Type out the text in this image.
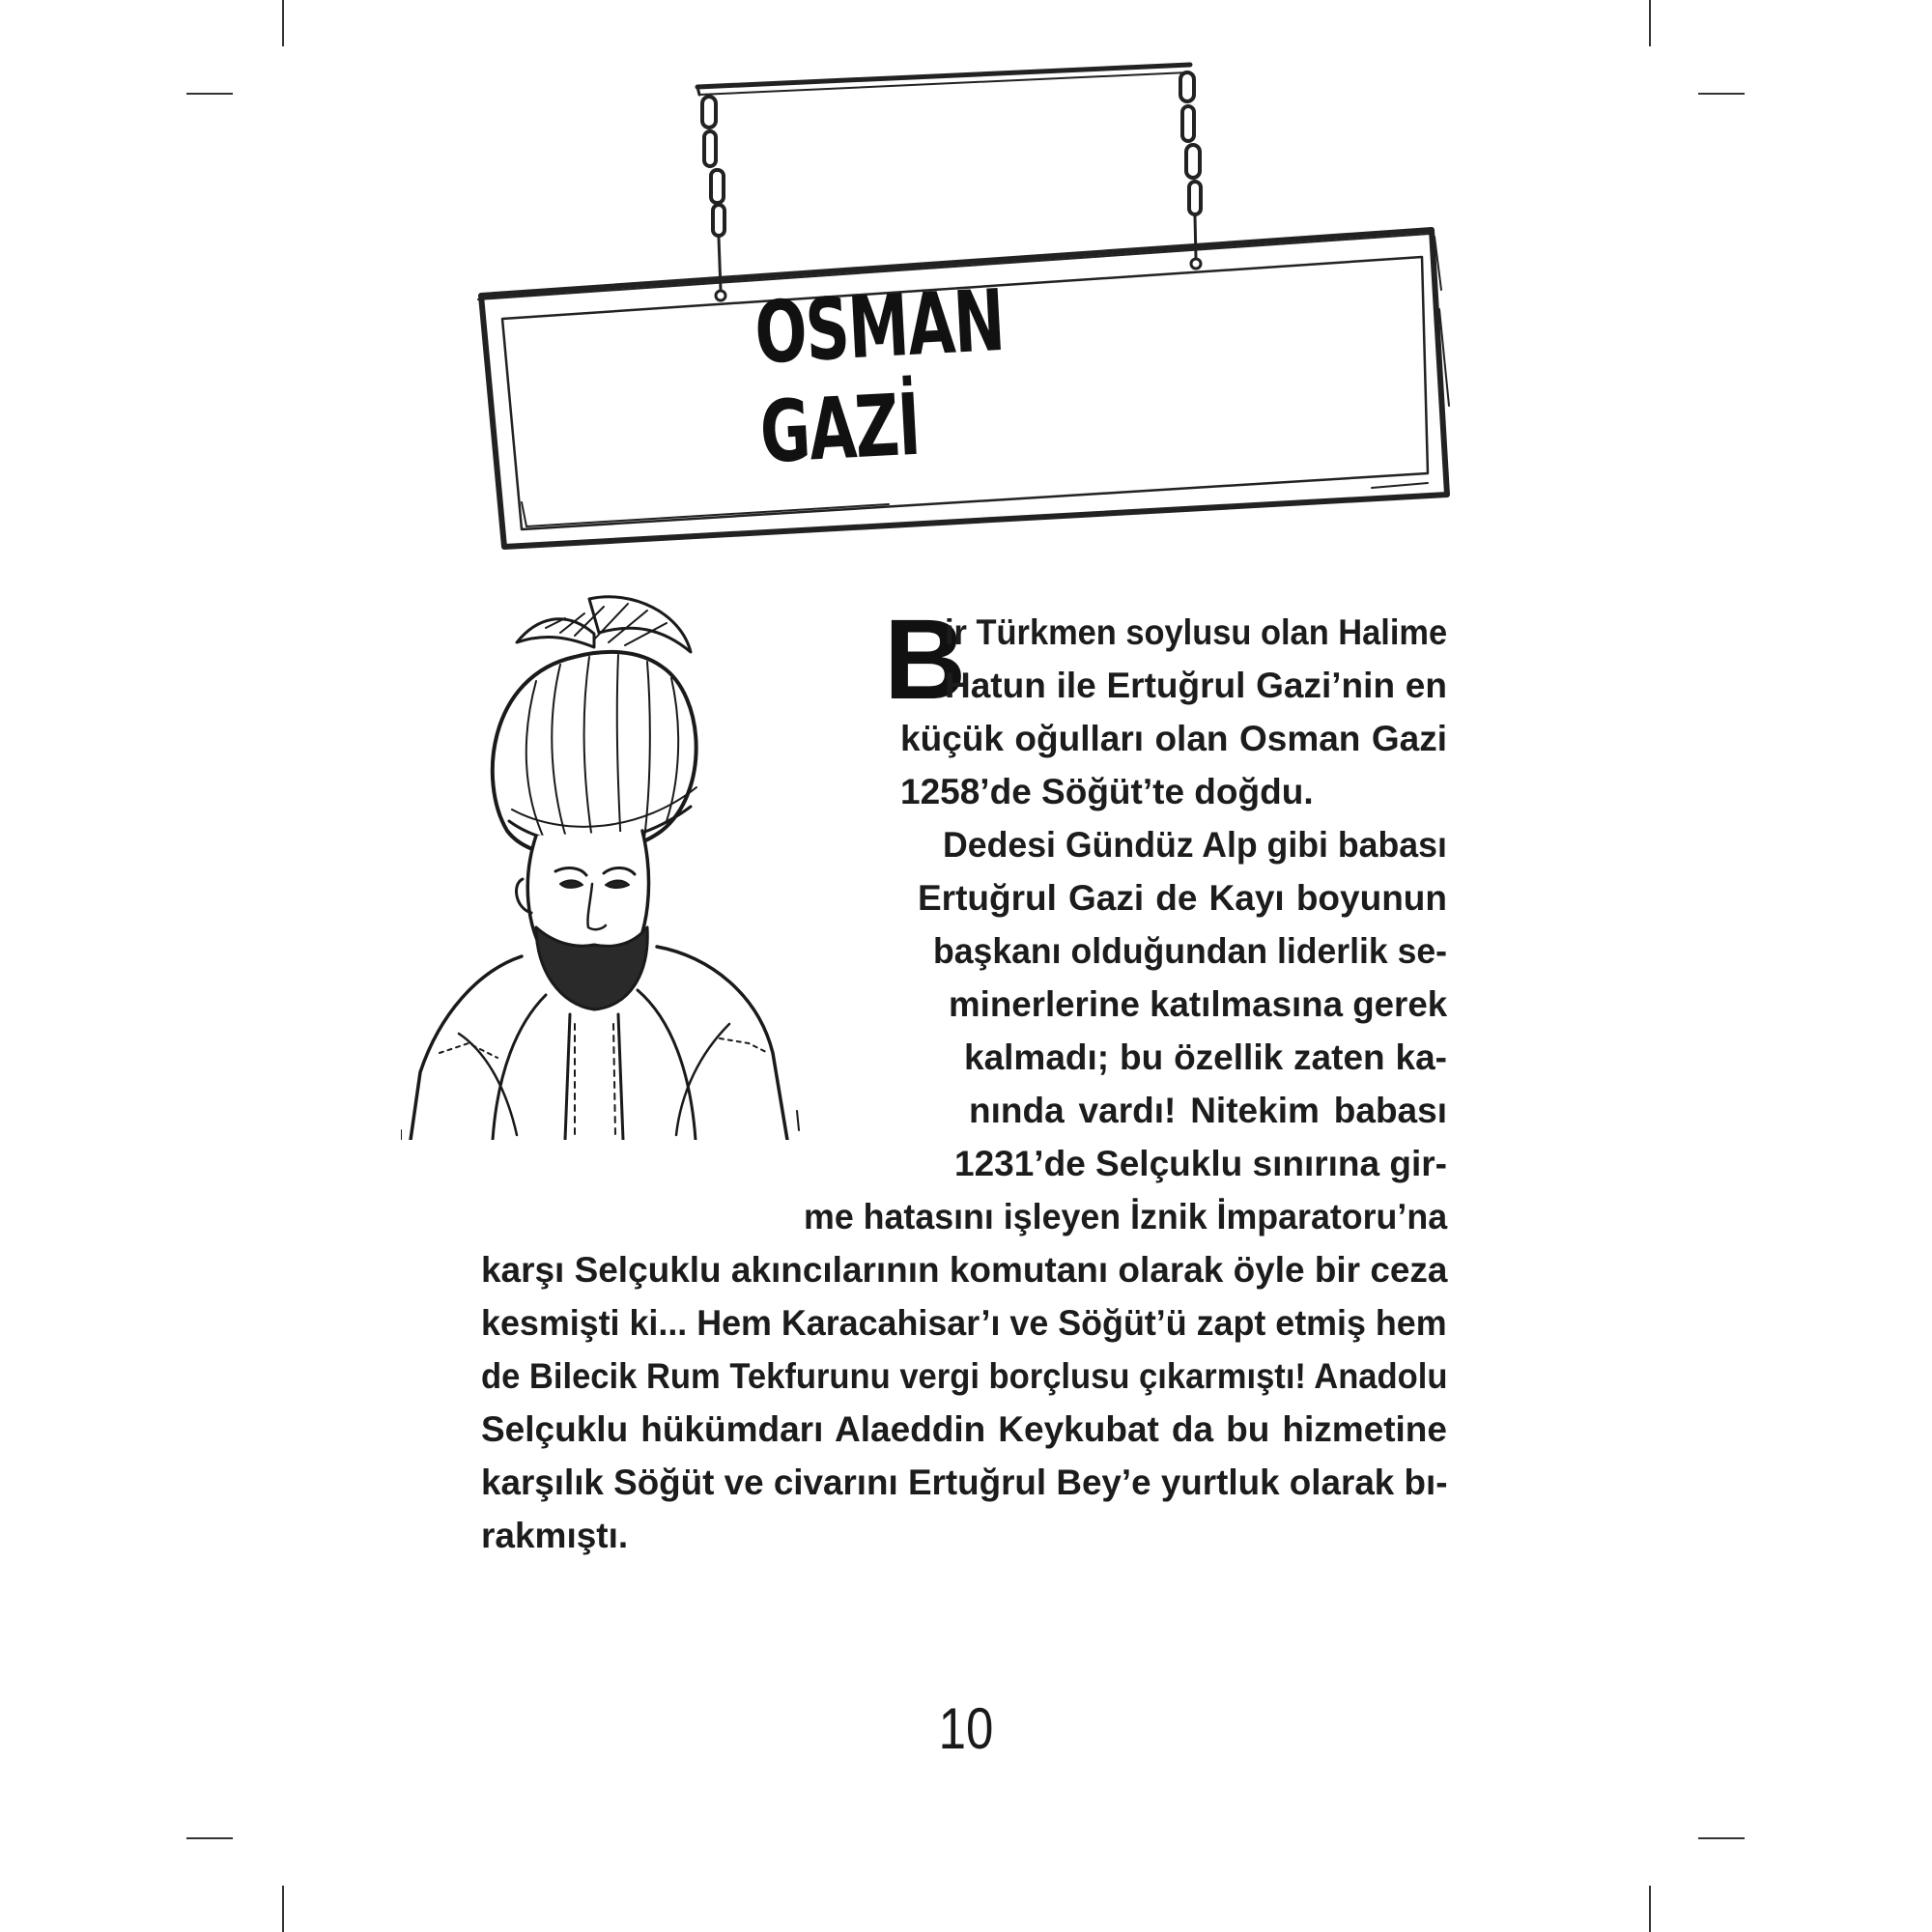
OSMAN GAZİ
B
ir Türkmen soylusu olan Halime
Hatun ile Ertuğrul Gazi’nin en
küçük oğulları olan Osman Gazi
1258’de Söğüt’te doğdu.
Dedesi Gündüz Alp gibi babası
Ertuğrul Gazi de Kayı boyunun
başkanı olduğundan liderlik se-
minerlerine katılmasına gerek
kalmadı; bu özellik zaten ka-
nında vardı! Nitekim babası
1231’de Selçuklu sınırına gir-
me hatasını işleyen İznik İmparatoru’na
karşı Selçuklu akıncılarının komutanı olarak öyle bir ceza
kesmişti ki... Hem Karacahisar’ı ve Söğüt’ü zapt etmiş hem
de Bilecik Rum Tekfurunu vergi borçlusu çıkarmıştı! Anadolu
Selçuklu hükümdarı Alaeddin Keykubat da bu hizmetine
karşılık Söğüt ve civarını Ertuğrul Bey’e yurtluk olarak bı-
rakmıştı.
10
